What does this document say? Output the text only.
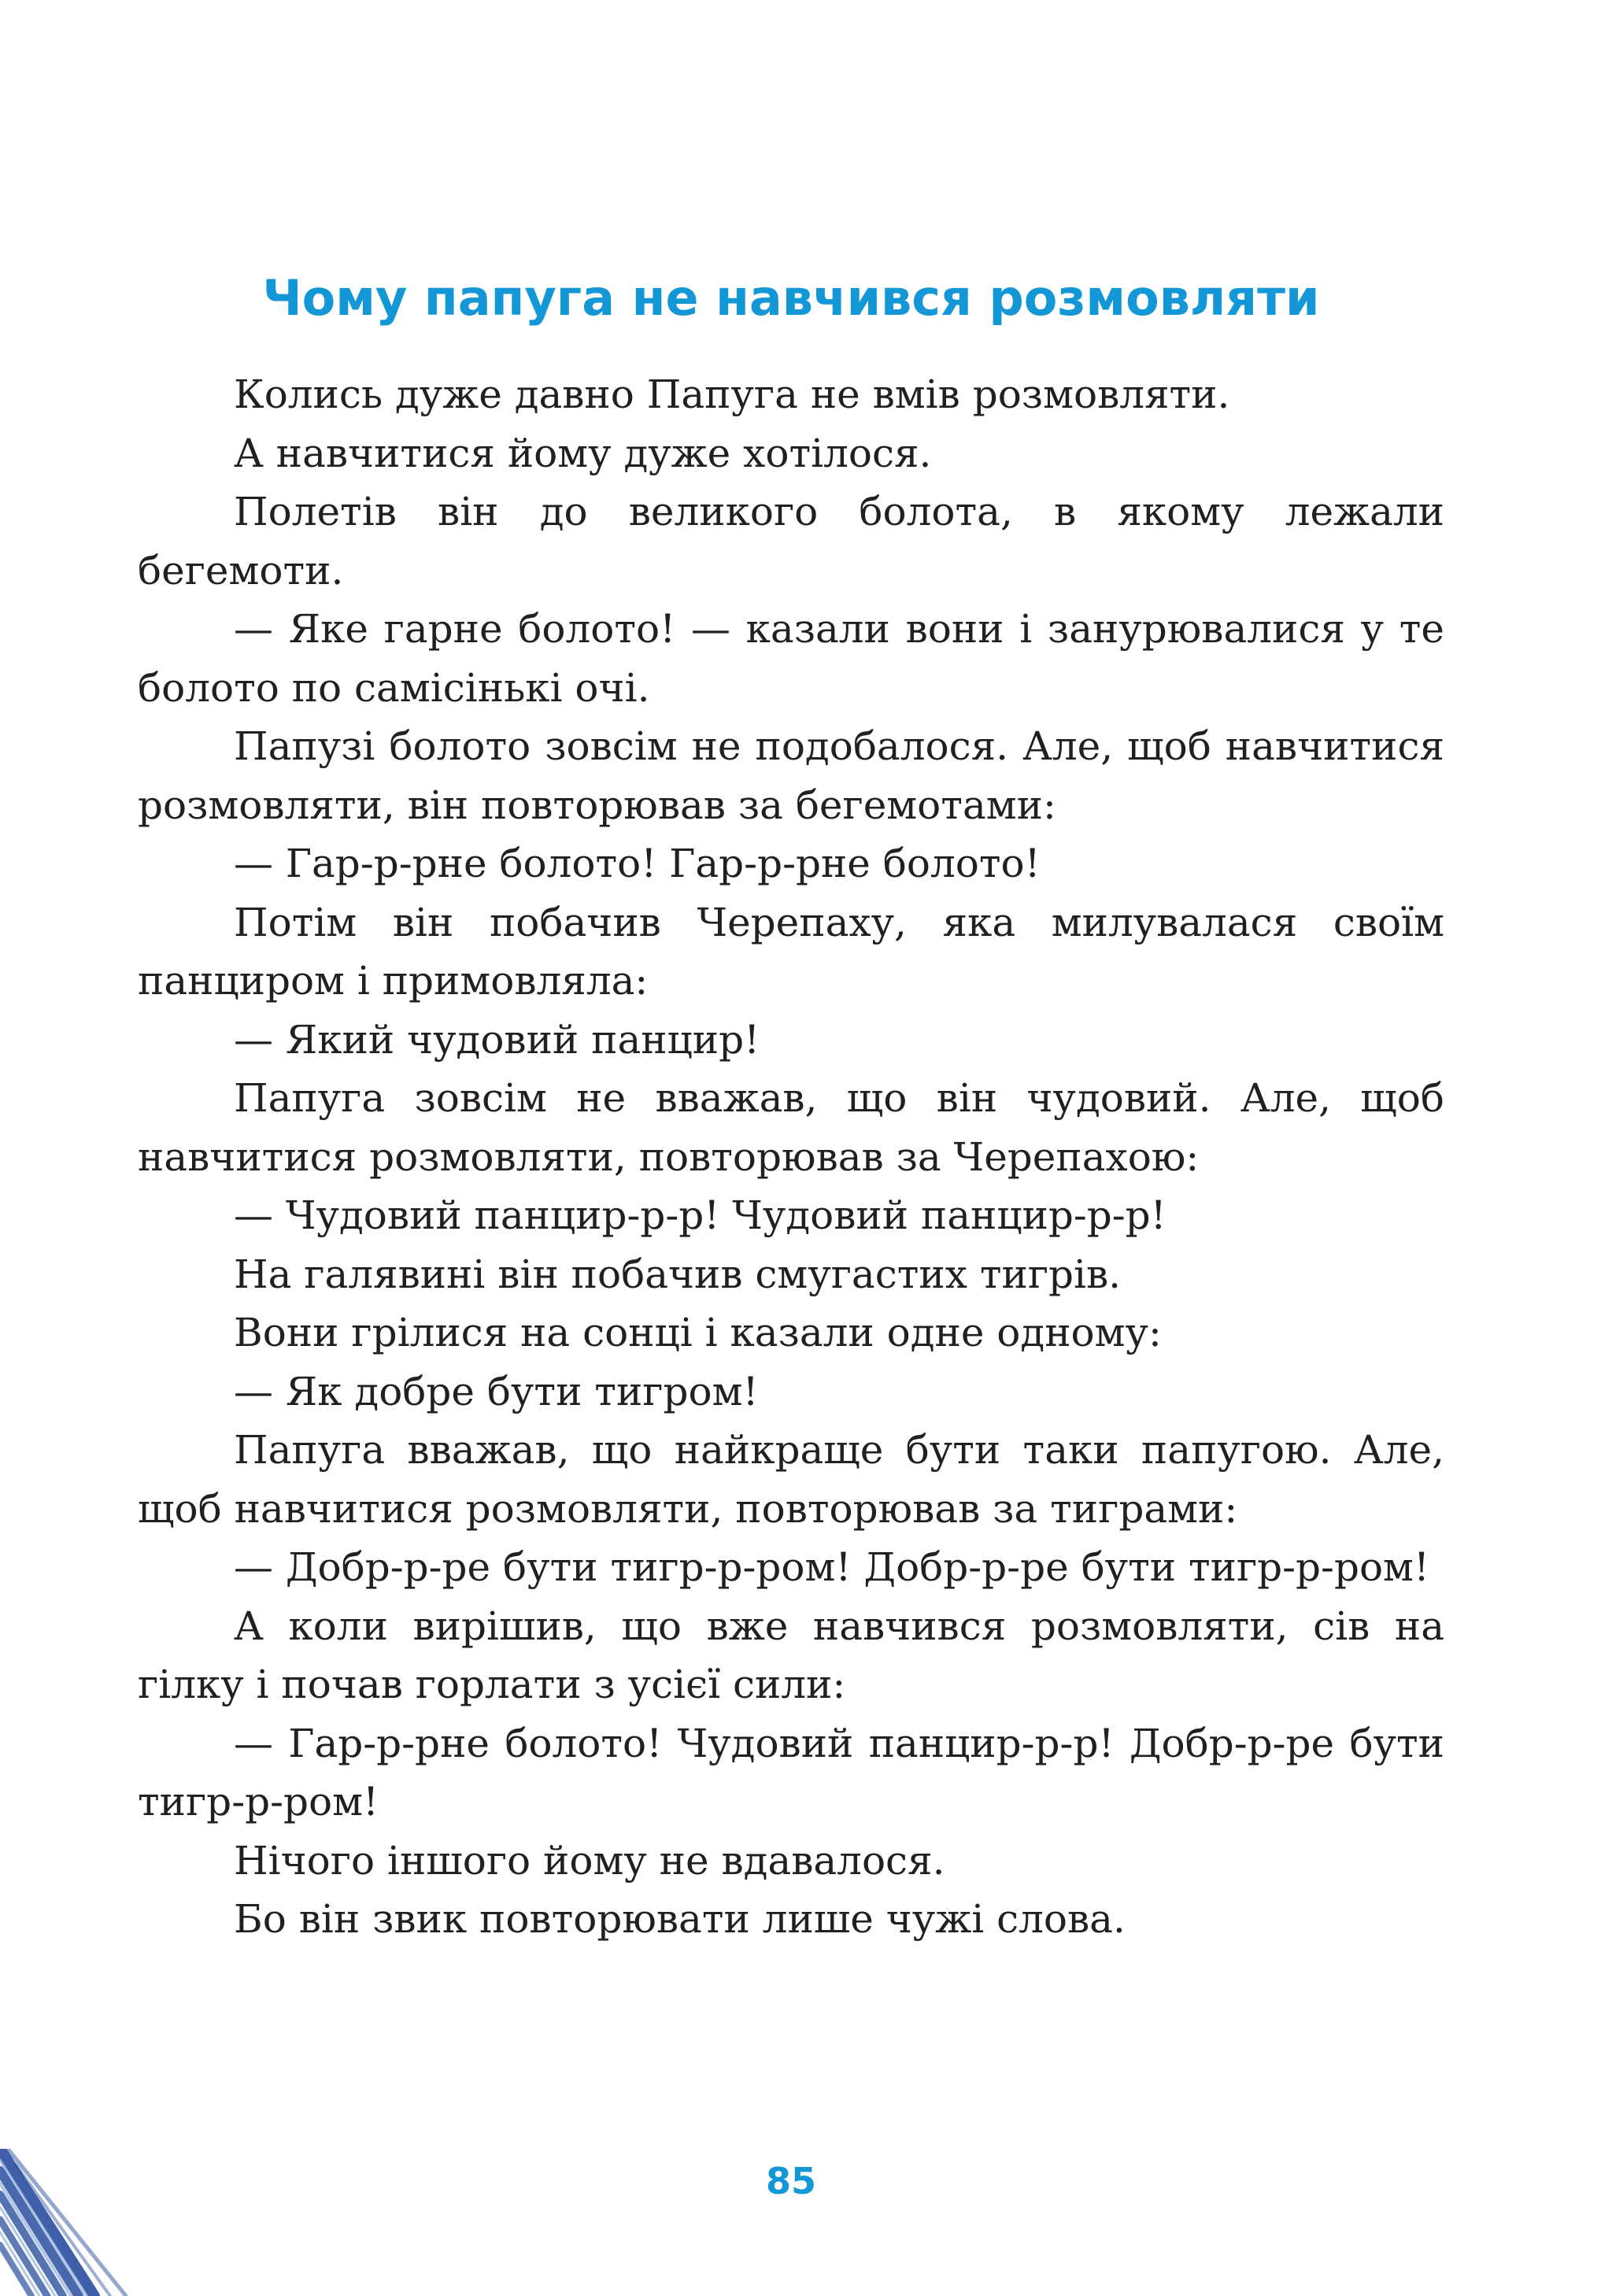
Чому папуга не навчився розмовляти

Колись дуже давно Папуга не вмів розмовляти.

А навчитися йому дуже хотілося.

Полетів він до великого болота, в якому лежали бегемоти.

— Яке гарне болото! — казали вони і занурювалися у те болото по самісінькі очі.

Папузі болото зовсім не подобалося. Але, щоб навчитися розмовляти, він повторював за бегемотами:

— Гар-р-рне болото! Гар-р-рне болото!

Потім він побачив Черепаху, яка милувалася своїм панциром і примовляла:

— Який чудовий панцир!

Папуга зовсім не вважав, що він чудовий. Але, щоб навчитися розмовляти, повторював за Черепахою:

— Чудовий панцир-р-р! Чудовий панцир-р-р!

На галявині він побачив смугастих тигрів.

Вони грілися на сонці і казали одне одному:

— Як добре бути тигром!

Папуга вважав, що найкраще бути таки папугою. Але, щоб навчитися розмовляти, повторював за тиграми:

— Добр-р-ре бути тигр-р-ром! Добр-р-ре бути тигр-р-ром!

А коли вирішив, що вже навчився розмовляти, сів на гілку і почав горлати з усієї сили:

— Гар-р-рне болото! Чудовий панцир-р-р! Добр-р-ре бути тигр-р-ром!

Нічого іншого йому не вдавалося.

Бо він звик повторювати лише чужі слова.

85
